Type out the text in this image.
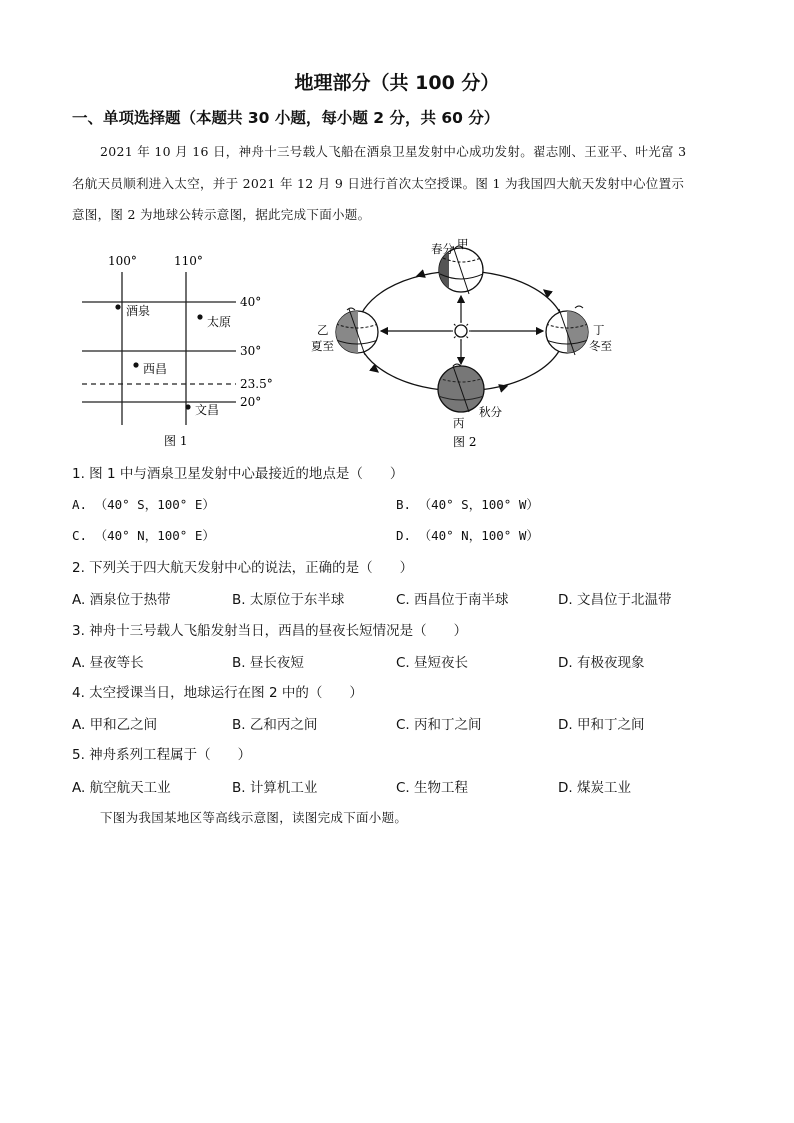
地理部分（共 100 分）
一、单项选择题（本题共 30 小题，每小题 2 分，共 60 分）
2021 年 10 月 16 日，神舟十三号载人飞船在酒泉卫星发射中心成功发射。翟志刚、王亚平、叶光富 3
名航天员顺利进入太空，并于 2021 年 12 月 9 日进行首次太空授课。图 1 为我国四大航天发射中心位置示
意图，图 2 为地球公转示意图，据此完成下面小题。
100°	110°
40°
30°
23.5°
20°
酒泉
太原
西昌
文昌
图 1
春分 甲
乙
夏至
丁
冬至
秋分
丙
图 2
1. 图 1 中与酒泉卫星发射中心最接近的地点是（　　）
A. （40° S，100° E）	B. （40° S，100° W）
C. （40° N，100° E）	D. （40° N，100° W）
2. 下列关于四大航天发射中心的说法，正确的是（　　）
A. 酒泉位于热带	B. 太原位于东半球	C. 西昌位于南半球	D. 文昌位于北温带
3. 神舟十三号载人飞船发射当日，西昌的昼夜长短情况是（　　）
A. 昼夜等长	B. 昼长夜短	C. 昼短夜长	D. 有极夜现象
4. 太空授课当日，地球运行在图 2 中的（　　）
A. 甲和乙之间	B. 乙和丙之间	C. 丙和丁之间	D. 甲和丁之间
5. 神舟系列工程属于（　　）
A. 航空航天工业	B. 计算机工业	C. 生物工程	D. 煤炭工业
下图为我国某地区等高线示意图，读图完成下面小题。
